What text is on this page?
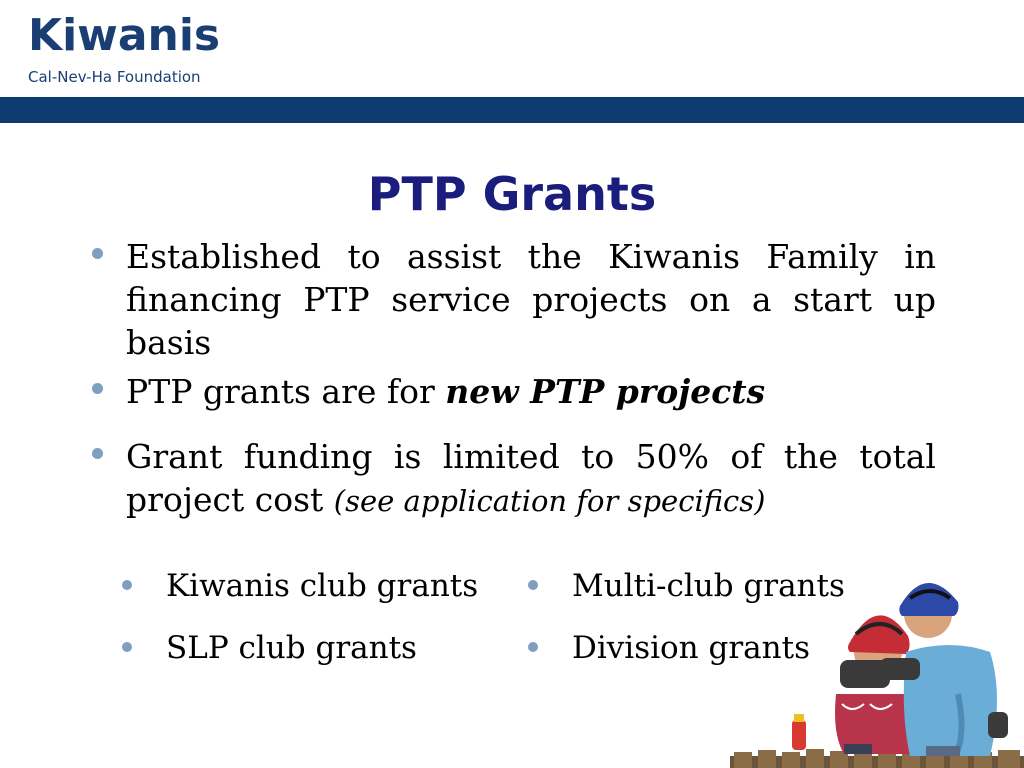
Kiwanis
Cal-Nev-Ha Foundation
PTP Grants
Established to assist the Kiwanis Family in financing PTP service projects on a start up basis
PTP grants are for new PTP projects
Grant funding is limited to 50% of the total project cost (see application for specifics)
Kiwanis club grants
SLP club grants
Multi-club grants
Division grants
